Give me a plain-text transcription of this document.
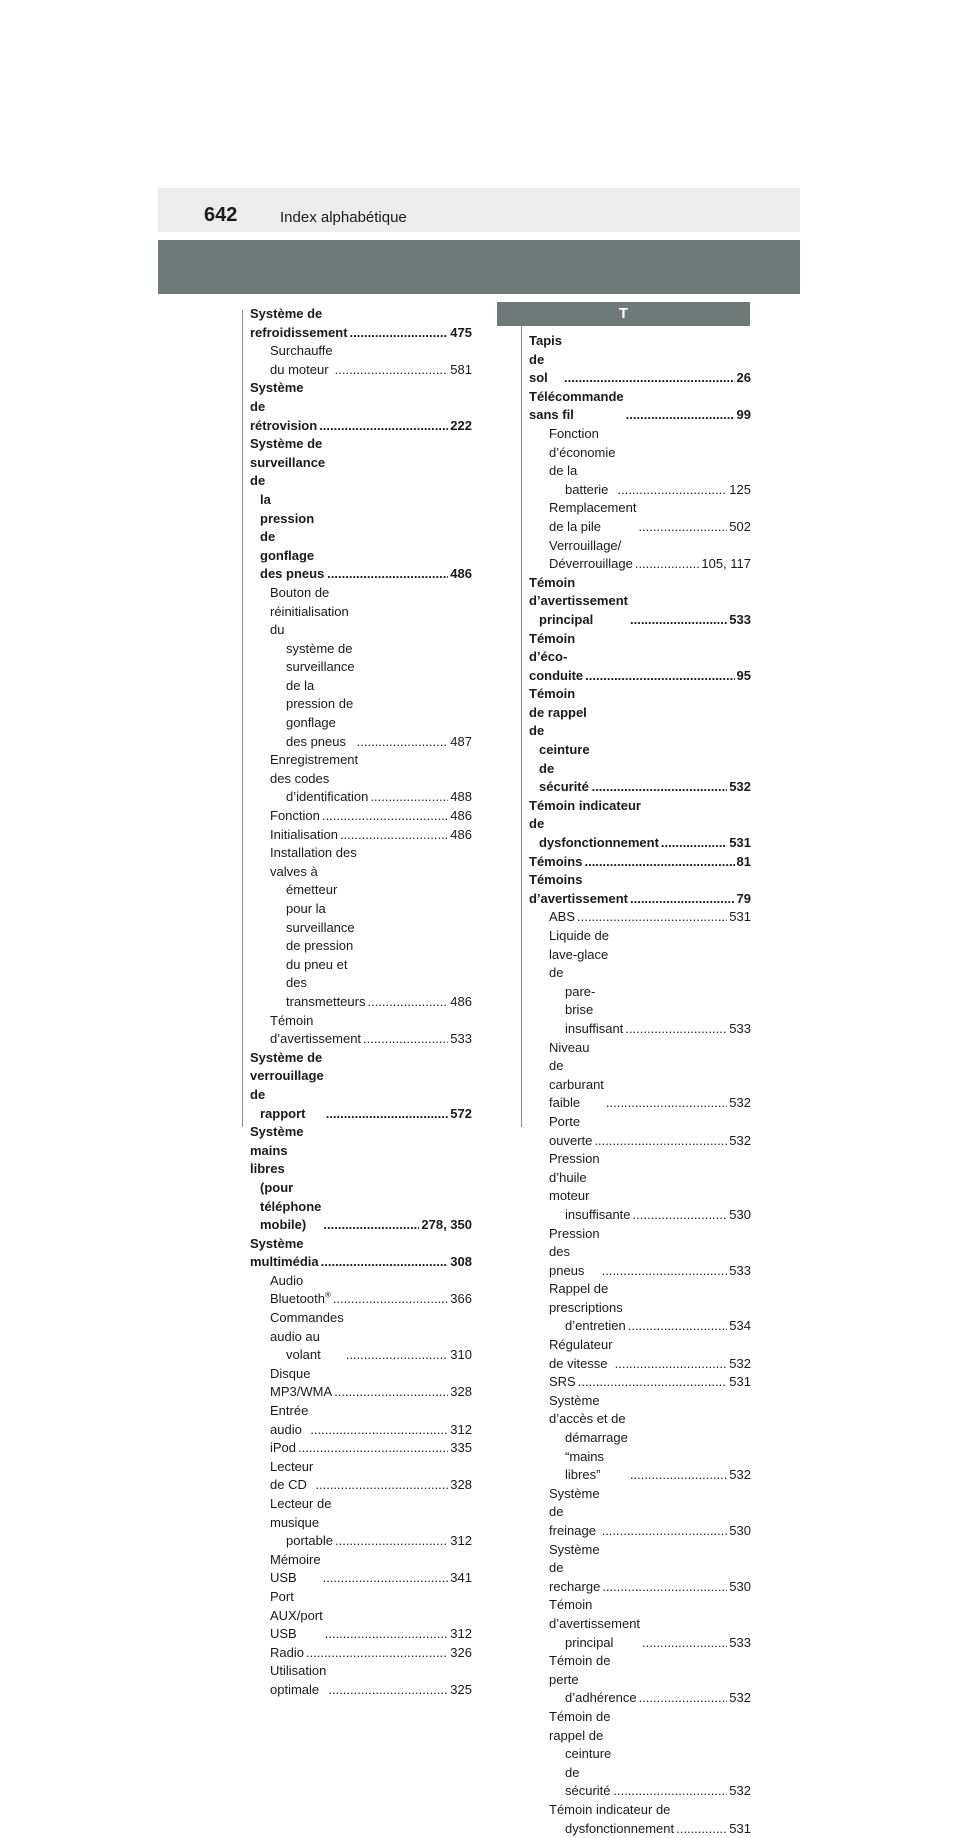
642	Index alphabétique
Système de refroidissement .....	475
Surchauffe du moteur .....	581
Système de rétrovision .....	222
Système de surveillance de
la pression de gonflage
des pneus .....	486
Bouton de réinitialisation du
système de surveillance
de la pression de gonflage
des pneus .....	487
Enregistrement des codes
d’identification .....	488
Fonction .....	486
Initialisation .....	486
Installation des valves à
émetteur pour la
surveillance de pression
du pneu et des
transmetteurs .....	486
Témoin d’avertissement .....	533
Système de verrouillage de
rapport .....	572
Système mains libres
(pour téléphone
mobile) .....	278, 350
Système multimédia .....	308
Audio Bluetooth® .....	366
Commandes audio au
volant .....	310
Disque MP3/WMA .....	328
Entrée audio .....	312
iPod .....	335
Lecteur de CD .....	328
Lecteur de musique
portable .....	312
Mémoire USB .....	341
Port AUX/port USB .....	312
Radio .....	326
Utilisation optimale .....	325
T
Tapis de sol .....	26
Télécommande sans fil .....	99
Fonction d’économie de la
batterie .....	125
Remplacement de la pile .....	502
Verrouillage/
Déverrouillage .....	105, 117
Témoin d’avertissement
principal .....	533
Témoin d’éco-conduite .....	95
Témoin de rappel de
ceinture de sécurité .....	532
Témoin indicateur de
dysfonctionnement .....	531
Témoins .....	81
Témoins d’avertissement .....	79
ABS .....	531
Liquide de lave-glace de
pare-brise insuffisant .....	533
Niveau de carburant faible .....	532
Porte ouverte .....	532
Pression d’huile moteur
insuffisante .....	530
Pression des pneus .....	533
Rappel de prescriptions
d’entretien .....	534
Régulateur de vitesse .....	532
SRS .....	531
Système d’accès et de
démarrage “mains libres” .....	532
Système de freinage .....	530
Système de recharge .....	530
Témoin d’avertissement
principal .....	533
Témoin de perte
d’adhérence .....	532
Témoin de rappel de
ceinture de sécurité .....	532
Témoin indicateur de
dysfonctionnement .....	531
